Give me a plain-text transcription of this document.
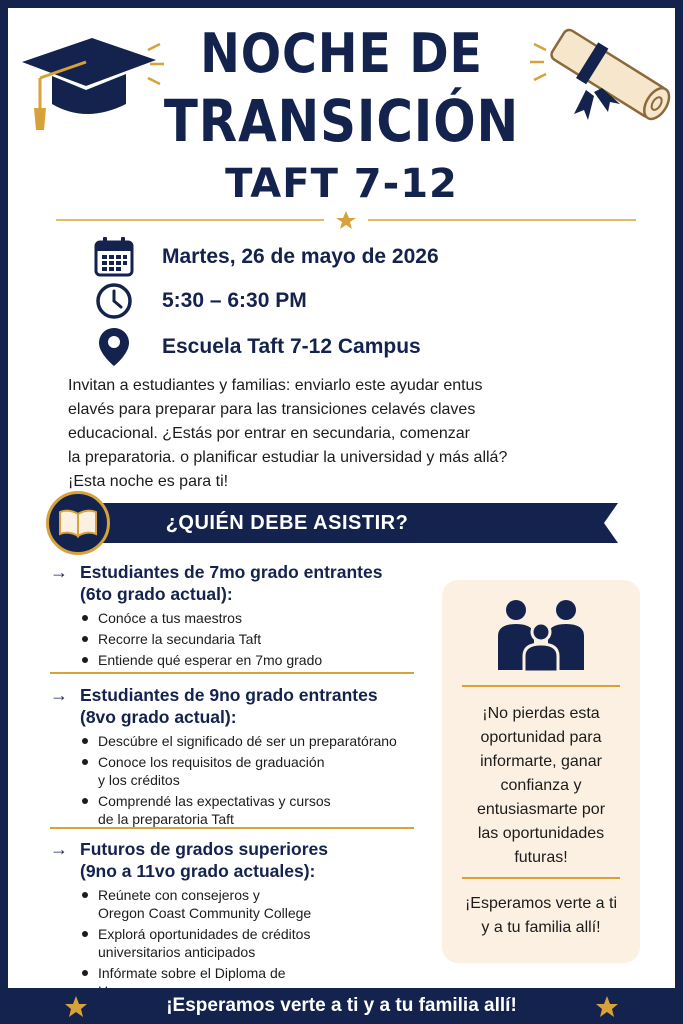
NOCHE DE
TRANSICIÓN
TAFT 7-12
Martes, 26 de mayo de 2026
5:30 – 6:30 PM
Escuela Taft 7-12 Campus
Invitan a estudiantes y familias: enviarlo este ayudar entus
elavés para preparar para las transiciones celavés claves
educacional. ¿Estás por entrar en secundaria, comenzar
la preparatoria. o planificar estudiar la universidad y más allá?
¡Esta noche es para ti!
¿QUIÉN DEBE ASISTIR?
→ Estudiantes de 7mo grado entrantes
(6to grado actual):
Conóce a tus maestros
Recorre la secundaria Taft
Entiende qué esperar en 7mo grado
→ Estudiantes de 9no grado entrantes
(8vo grado actual):
Descúbre el significado dé ser un preparatórano
Conoce los requisitos de graduación
y los créditos
Comprendé las expectativas y cursos
de la preparatoria Taft
→ Futuros de grados superiores
(9no a 11vo grado actuales):
Reúnete con consejeros y
Oregon Coast Community College
Explorá oportunidades de créditos
universitarios anticipados
Infórmate sobre el Diploma de
¡No pierdas esta
oportunidad para
informarte, ganar
confianza y
entusiasmarte por
las oportunidades
futuras!
¡Esperamos verte a ti
y a tu familia allí!
¡Esperamos verte a ti y a tu familia allí!
